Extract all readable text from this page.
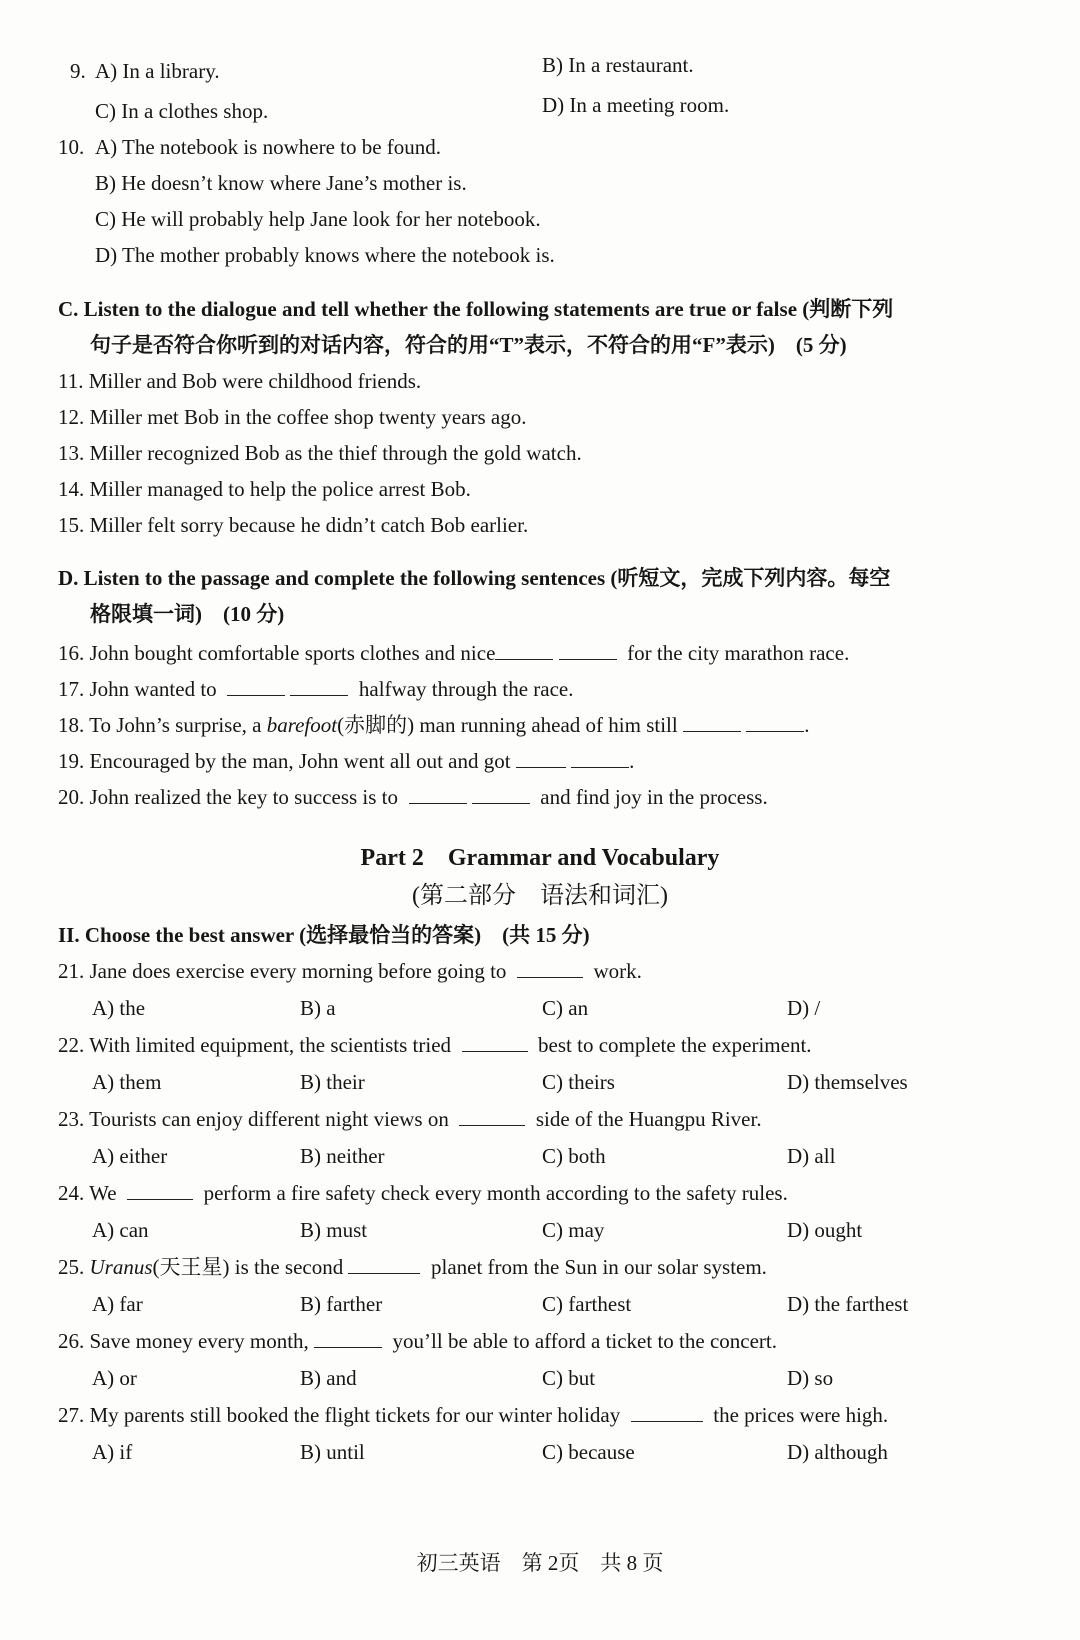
9. A) In a library.	B) In a restaurant.
C) In a clothes shop.	D) In a meeting room.
10. A) The notebook is nowhere to be found.
B) He doesn’t know where Jane’s mother is.
C) He will probably help Jane look for her notebook.
D) The mother probably knows where the notebook is.
C. Listen to the dialogue and tell whether the following statements are true or false (判断下列
句子是否符合你听到的对话内容，符合的用“T”表示，不符合的用“F”表示)　(5 分)
11. Miller and Bob were childhood friends.
12. Miller met Bob in the coffee shop twenty years ago.
13. Miller recognized Bob as the thief through the gold watch.
14. Miller managed to help the police arrest Bob.
15. Miller felt sorry because he didn’t catch Bob earlier.
D. Listen to the passage and complete the following sentences (听短文，完成下列内容。每空
格限填一词)　(10 分)
16. John bought comfortable sports clothes and nice	for the city marathon race.
17. John wanted to	halfway through the race.
18. To John’s surprise, a barefoot(赤脚的) man running ahead of him still	.
19. Encouraged by the man, John went all out and got	.
20. John realized the key to success is to	and find joy in the process.
Part 2　Grammar and Vocabulary
(第二部分　语法和词汇)
II. Choose the best answer (选择最恰当的答案)　(共 15 分)
21. Jane does exercise every morning before going to	work.
A) the	B) a	C) an	D) /
22. With limited equipment, the scientists tried	best to complete the experiment.
A) them	B) their	C) theirs	D) themselves
23. Tourists can enjoy different night views on	side of the Huangpu River.
A) either	B) neither	C) both	D) all
24. We	perform a fire safety check every month according to the safety rules.
A) can	B) must	C) may	D) ought
25. Uranus(天王星) is the second	planet from the Sun in our solar system.
A) far	B) farther	C) farthest	D) the farthest
26. Save money every month,	you’ll be able to afford a ticket to the concert.
A) or	B) and	C) but	D) so
27. My parents still booked the flight tickets for our winter holiday	the prices were high.
A) if	B) until	C) because	D) although
初三英语　第 2页　共 8 页
